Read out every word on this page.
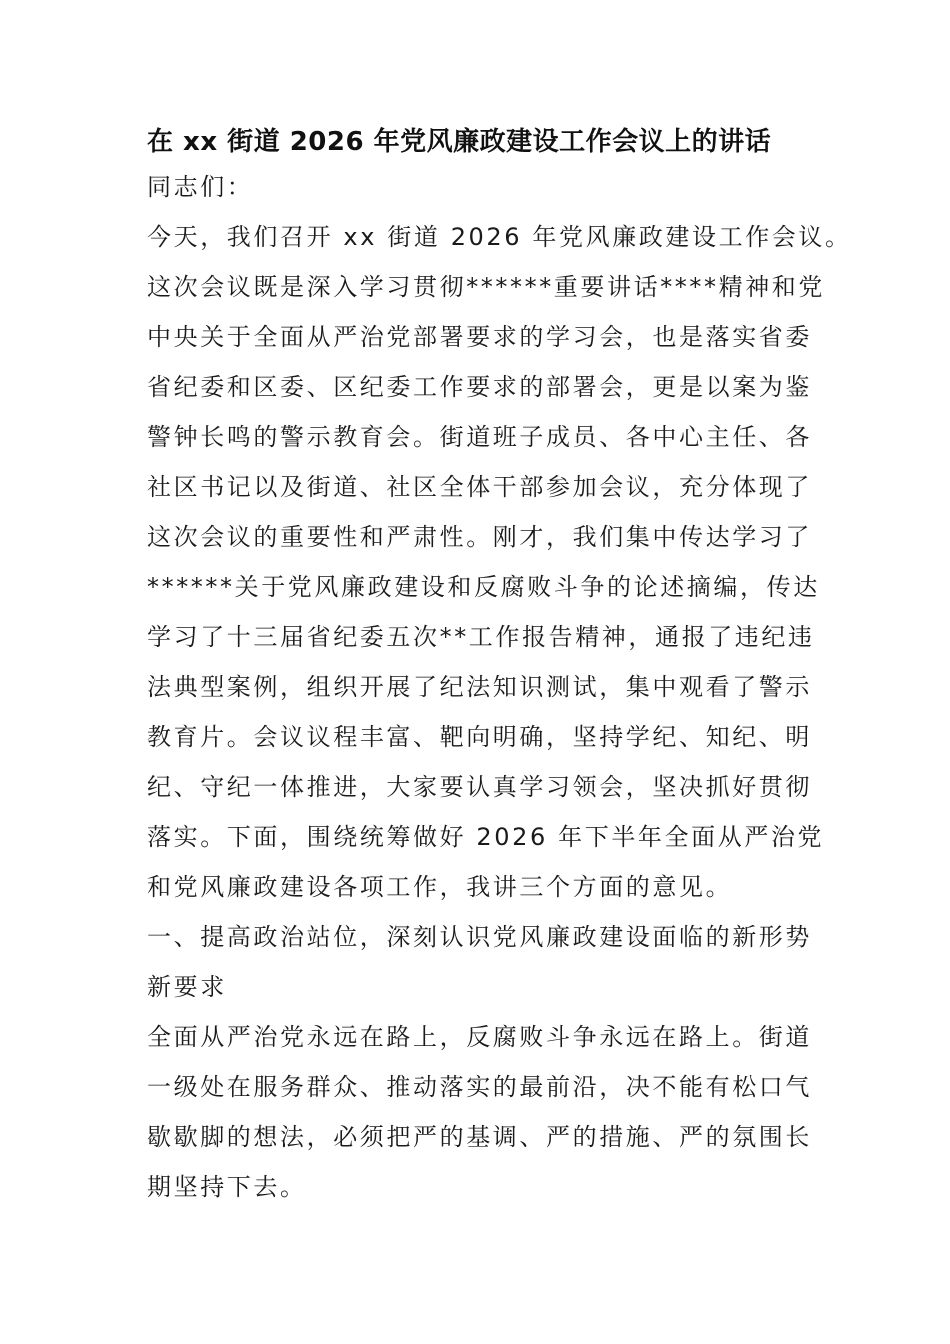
在 xx 街道 2026 年党风廉政建设工作会议上的讲话

同志们：

今天，我们召开 xx 街道 2026 年党风廉政建设工作会议。

这次会议既是深入学习贯彻******重要讲话****精神和党

中央关于全面从严治党部署要求的学习会，也是落实省委

省纪委和区委、区纪委工作要求的部署会，更是以案为鉴

警钟长鸣的警示教育会。街道班子成员、各中心主任、各

社区书记以及街道、社区全体干部参加会议，充分体现了

这次会议的重要性和严肃性。刚才，我们集中传达学习了

******关于党风廉政建设和反腐败斗争的论述摘编，传达

学习了十三届省纪委五次**工作报告精神，通报了违纪违

法典型案例，组织开展了纪法知识测试，集中观看了警示

教育片。会议议程丰富、靶向明确，坚持学纪、知纪、明

纪、守纪一体推进，大家要认真学习领会，坚决抓好贯彻

落实。下面，围绕统筹做好 2026 年下半年全面从严治党

和党风廉政建设各项工作，我讲三个方面的意见。

一、提高政治站位，深刻认识党风廉政建设面临的新形势

新要求

全面从严治党永远在路上，反腐败斗争永远在路上。街道

一级处在服务群众、推动落实的最前沿，决不能有松口气

歇歇脚的想法，必须把严的基调、严的措施、严的氛围长

期坚持下去。
